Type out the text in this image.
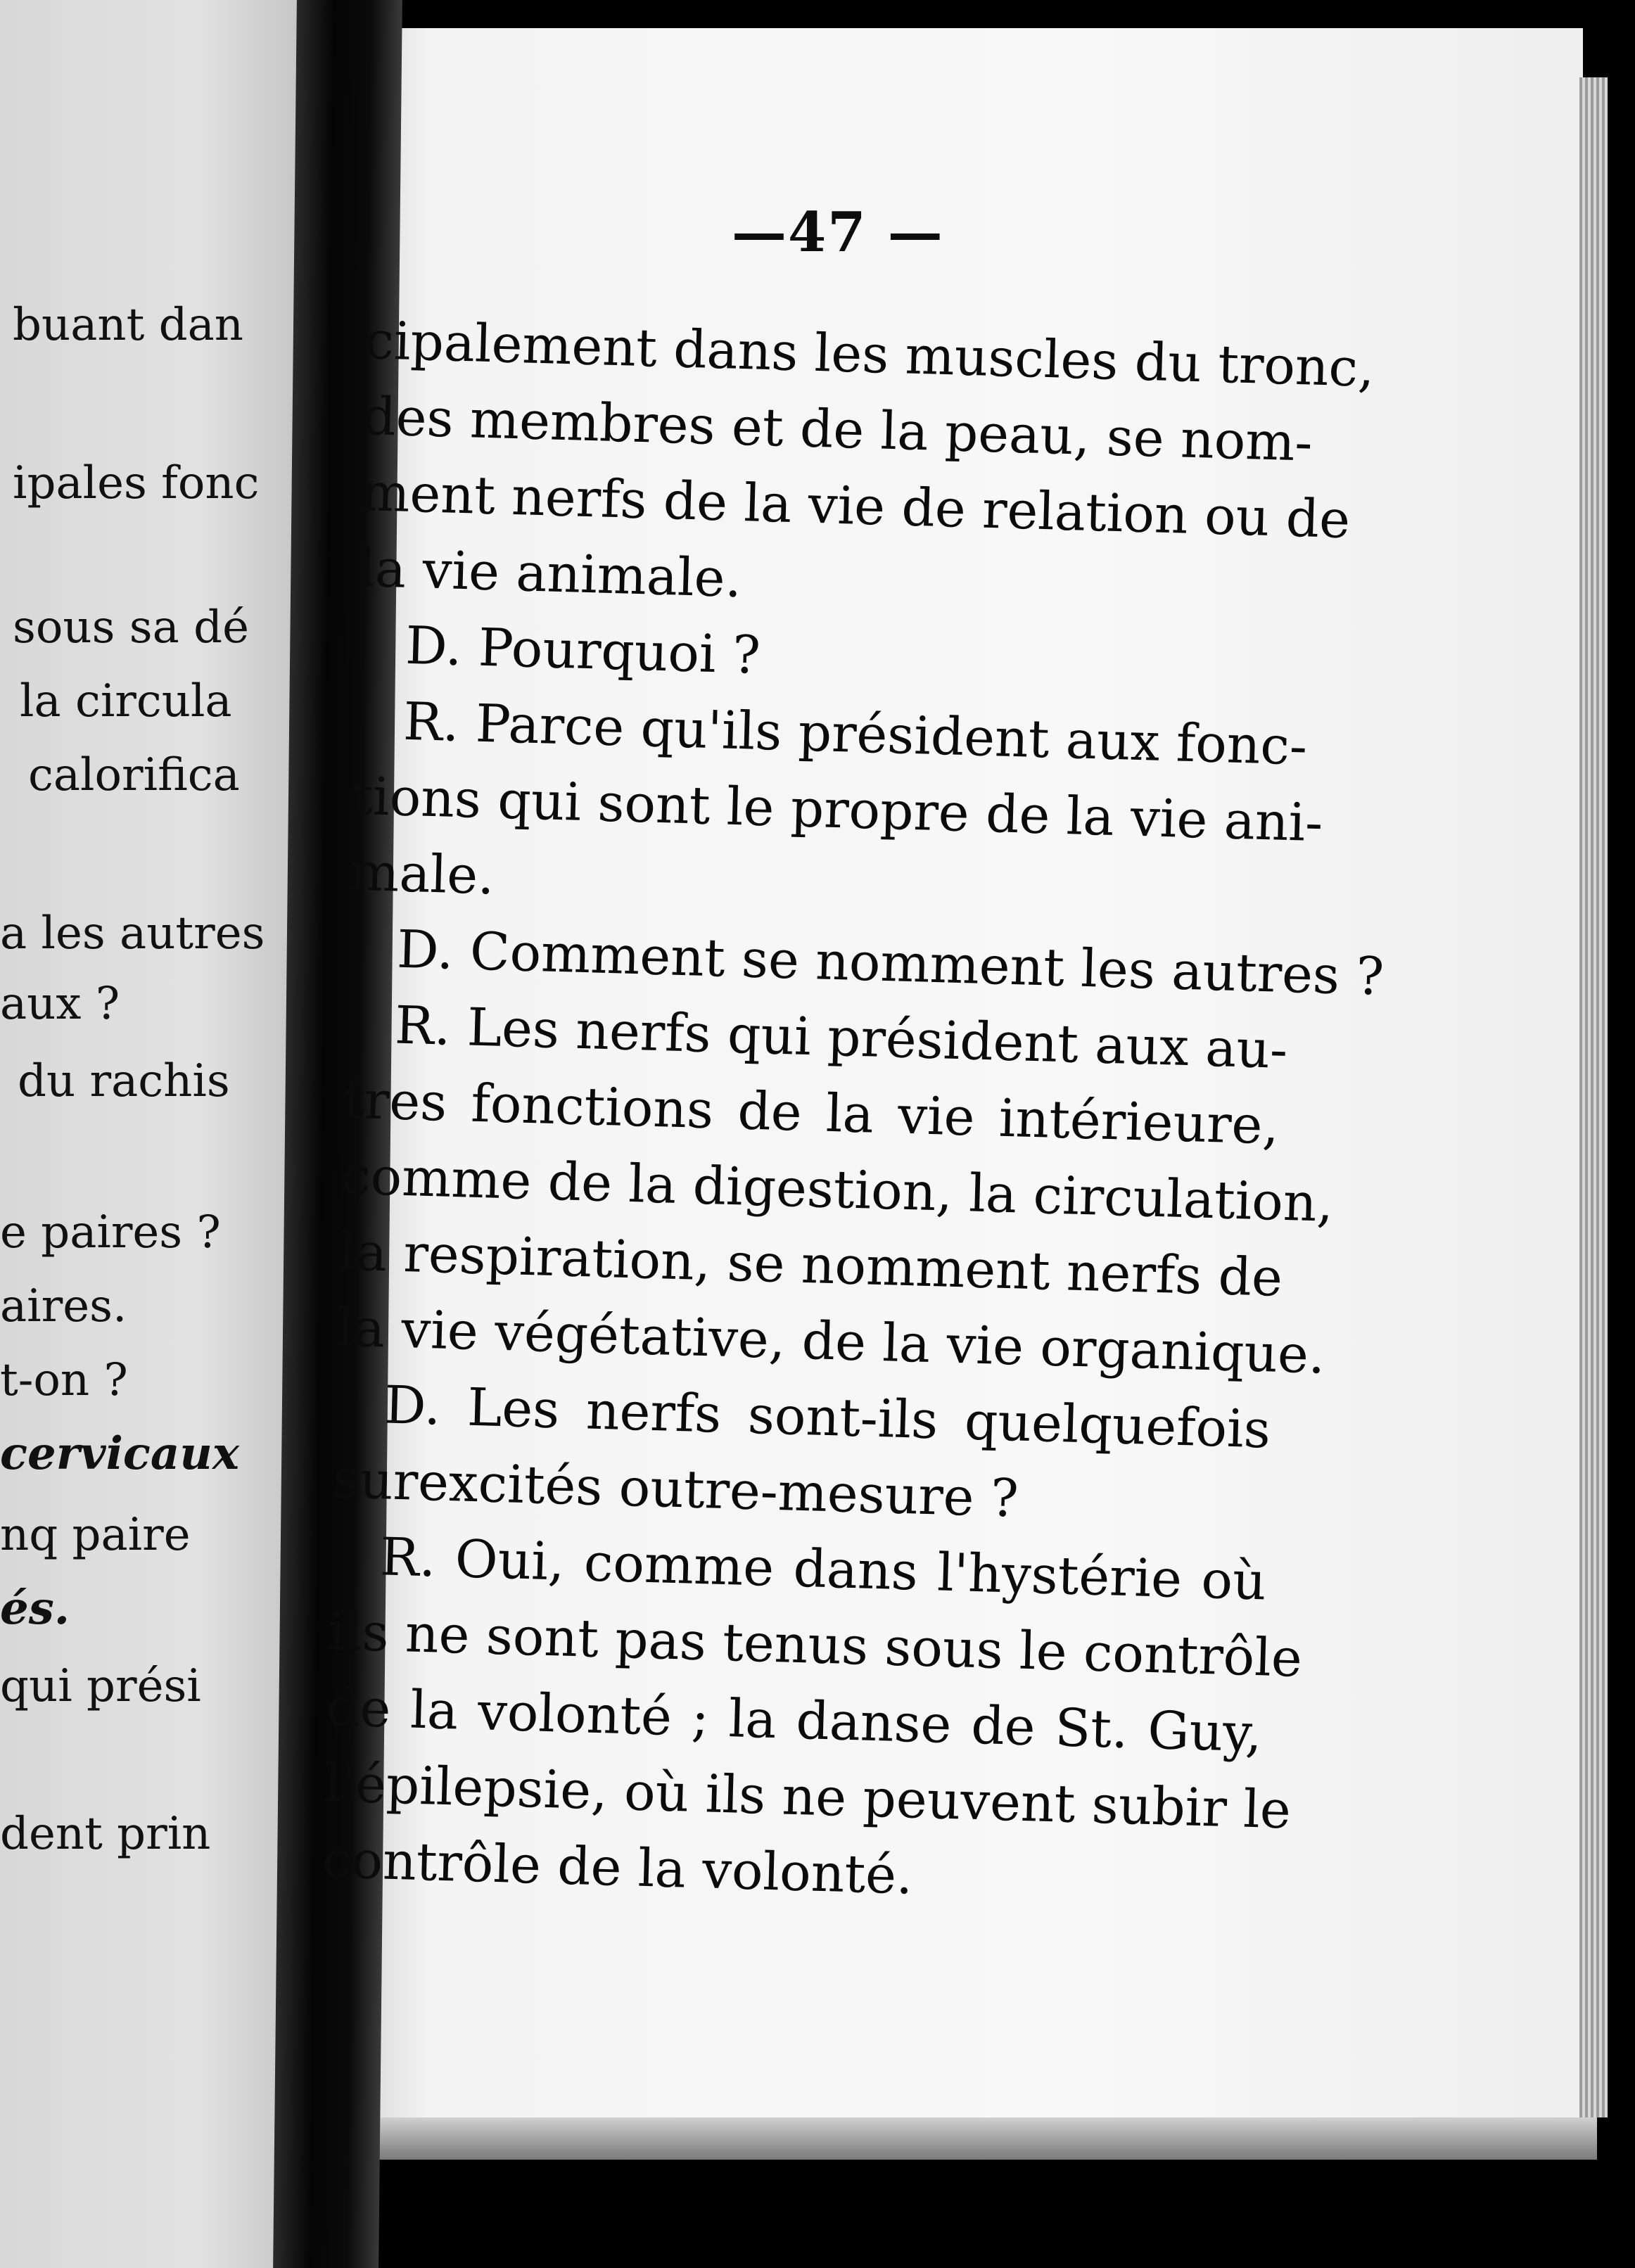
buant dan
ipales fonc
sous sa dé
la circula
calorifica
a les autres
aux ?
du rachis
e paires ?
aires.
t-on ?
cervicaux
nq paire
és.
qui prési
dent prin
—47 —
cipalement dans les muscles du tronc,
des membres et de la peau, se nom-
ment nerfs de la vie de relation ou de
la vie animale.
D. Pourquoi ?
R. Parce qu'ils président aux fonc-
tions qui sont le propre de la vie ani-
male.
D. Comment se nomment les autres ?
R. Les nerfs qui président aux au-
tres fonctions de la vie intérieure,
comme de la digestion, la circulation,
la respiration, se nomment nerfs de
la vie végétative, de la vie organique.
D. Les nerfs sont-ils quelquefois
surexcités outre-mesure ?
R. Oui, comme dans l'hystérie où
ils ne sont pas tenus sous le contrôle
de la volonté ; la danse de St. Guy,
l'épilepsie, où ils ne peuvent subir le
contrôle de la volonté.
